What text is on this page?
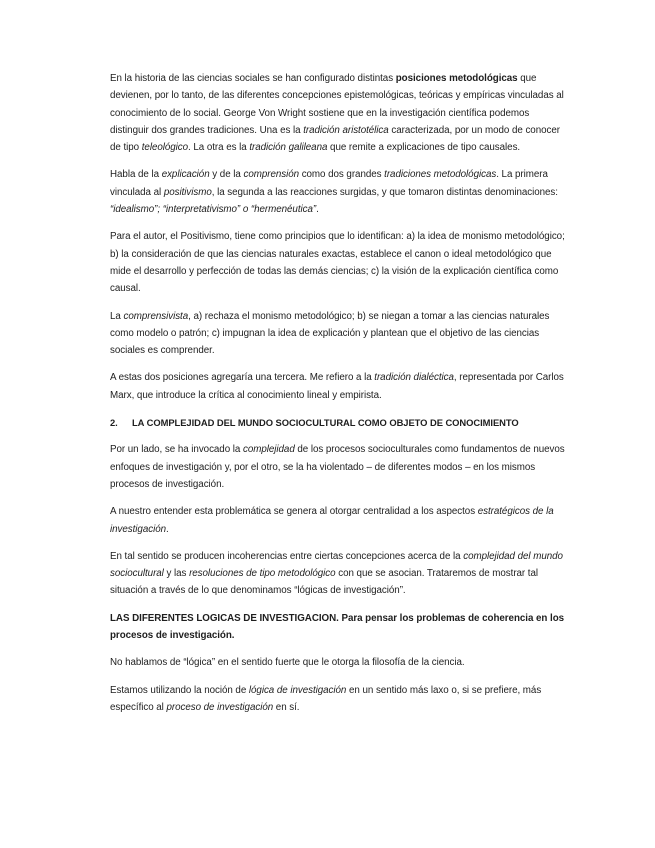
En la historia de las ciencias sociales se han configurado distintas posiciones metodológicas que devienen, por lo tanto, de las diferentes concepciones epistemológicas, teóricas y empíricas vinculadas al conocimiento de lo social. George Von Wright sostiene que en la investigación científica podemos distinguir dos grandes tradiciones. Una es la tradición aristotélica caracterizada, por un modo de conocer de tipo teleológico. La otra es la tradición galileana que remite a explicaciones de tipo causales.

Habla de la explicación y de la comprensión como dos grandes tradiciones metodológicas. La primera vinculada al positivismo, la segunda a las reacciones surgidas, y que tomaron distintas denominaciones: “idealismo”; “interpretativismo” o “hermenéutica”.

Para el autor, el Positivismo, tiene como principios que lo identifican: a) la idea de monismo metodológico; b) la consideración de que las ciencias naturales exactas, establece el canon o ideal metodológico que mide el desarrollo y perfección de todas las demás ciencias; c) la visión de la explicación científica como causal.

La comprensivista, a) rechaza el monismo metodológico; b) se niegan a tomar a las ciencias naturales como modelo o patrón; c) impugnan la idea de explicación y plantean que el objetivo de las ciencias sociales es comprender.

A estas dos posiciones agregaría una tercera. Me refiero a la tradición dialéctica, representada por Carlos Marx, que introduce la crítica al conocimiento lineal y empirista.

2. LA COMPLEJIDAD DEL MUNDO SOCIOCULTURAL COMO OBJETO DE CONOCIMIENTO

Por un lado, se ha invocado la complejidad de los procesos socioculturales como fundamentos de nuevos enfoques de investigación y, por el otro, se la ha violentado – de diferentes modos – en los mismos procesos de investigación.

A nuestro entender esta problemática se genera al otorgar centralidad a los aspectos estratégicos de la investigación.

En tal sentido se producen incoherencias entre ciertas concepciones acerca de la complejidad del mundo sociocultural y las resoluciones de tipo metodológico con que se asocian. Trataremos de mostrar tal situación a través de lo que denominamos “lógicas de investigación”.

LAS DIFERENTES LOGICAS DE INVESTIGACION. Para pensar los problemas de coherencia en los procesos de investigación.

No hablamos de “lógica” en el sentido fuerte que le otorga la filosofía de la ciencia.

Estamos utilizando la noción de lógica de investigación en un sentido más laxo o, si se prefiere, más específico al proceso de investigación en sí.
